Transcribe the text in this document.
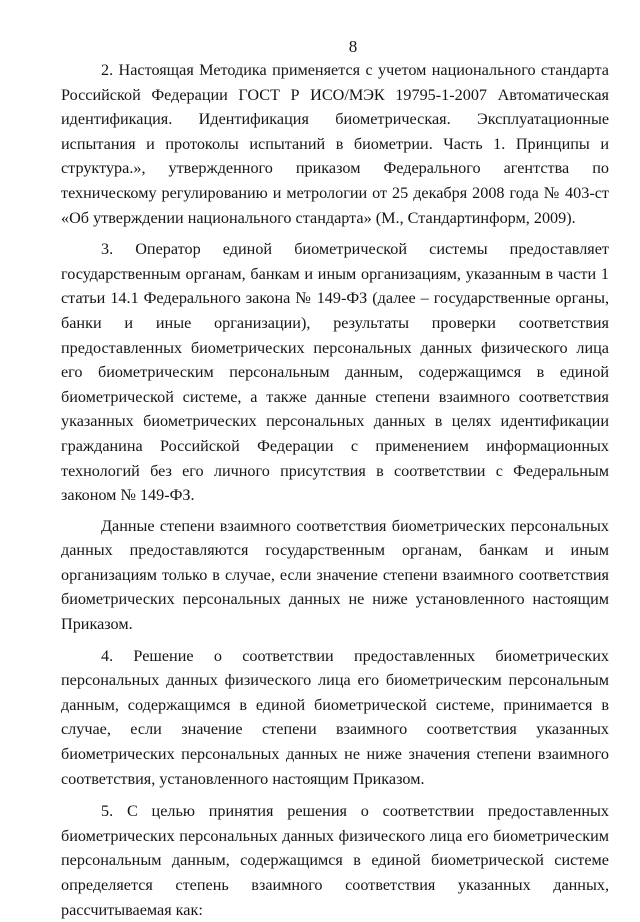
8

2. Настоящая Методика применяется с учетом национального стандарта Российской Федерации ГОСТ Р ИСО/МЭК 19795-1-2007 Автоматическая идентификация. Идентификация биометрическая. Эксплуатационные испытания и протоколы испытаний в биометрии. Часть 1. Принципы и структура.», утвержденного приказом Федерального агентства по техническому регулированию и метрологии от 25 декабря 2008 года № 403-ст «Об утверждении национального стандарта» (М., Стандартинформ, 2009).

3. Оператор единой биометрической системы предоставляет государственным органам, банкам и иным организациям, указанным в части 1 статьи 14.1 Федерального закона № 149-ФЗ (далее – государственные органы, банки и иные организации), результаты проверки соответствия предоставленных биометрических персональных данных физического лица его биометрическим персональным данным, содержащимся в единой биометрической системе, а также данные степени взаимного соответствия указанных биометрических персональных данных в целях идентификации гражданина Российской Федерации с применением информационных технологий без его личного присутствия в соответствии с Федеральным законом № 149-ФЗ.

Данные степени взаимного соответствия биометрических персональных данных предоставляются государственным органам, банкам и иным организациям только в случае, если значение степени взаимного соответствия биометрических персональных данных не ниже установленного настоящим Приказом.

4. Решение о соответствии предоставленных биометрических персональных данных физического лица его биометрическим персональным данным, содержащимся в единой биометрической системе, принимается в случае, если значение степени взаимного соответствия указанных биометрических персональных данных не ниже значения степени взаимного соответствия, установленного настоящим Приказом.

5. С целью принятия решения о соответствии предоставленных биометрических персональных данных физического лица его биометрическим персональным данным, содержащимся в единой биометрической системе определяется степень взаимного соответствия указанных данных, рассчитываемая как:
